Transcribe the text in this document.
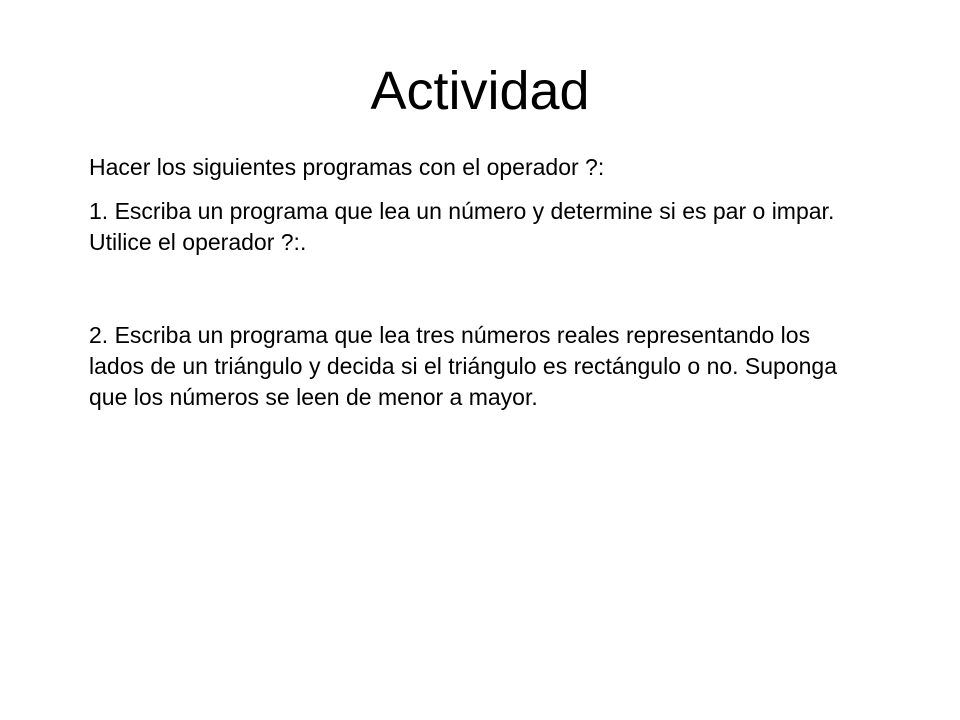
Actividad

Hacer los siguientes programas con el operador ?:

1. Escriba un programa que lea un número y determine si es par o impar. Utilice el operador ?:.

2. Escriba un programa que lea tres números reales representando los lados de un triángulo y decida si el triángulo es rectángulo o no. Suponga que los números se leen de menor a mayor.
